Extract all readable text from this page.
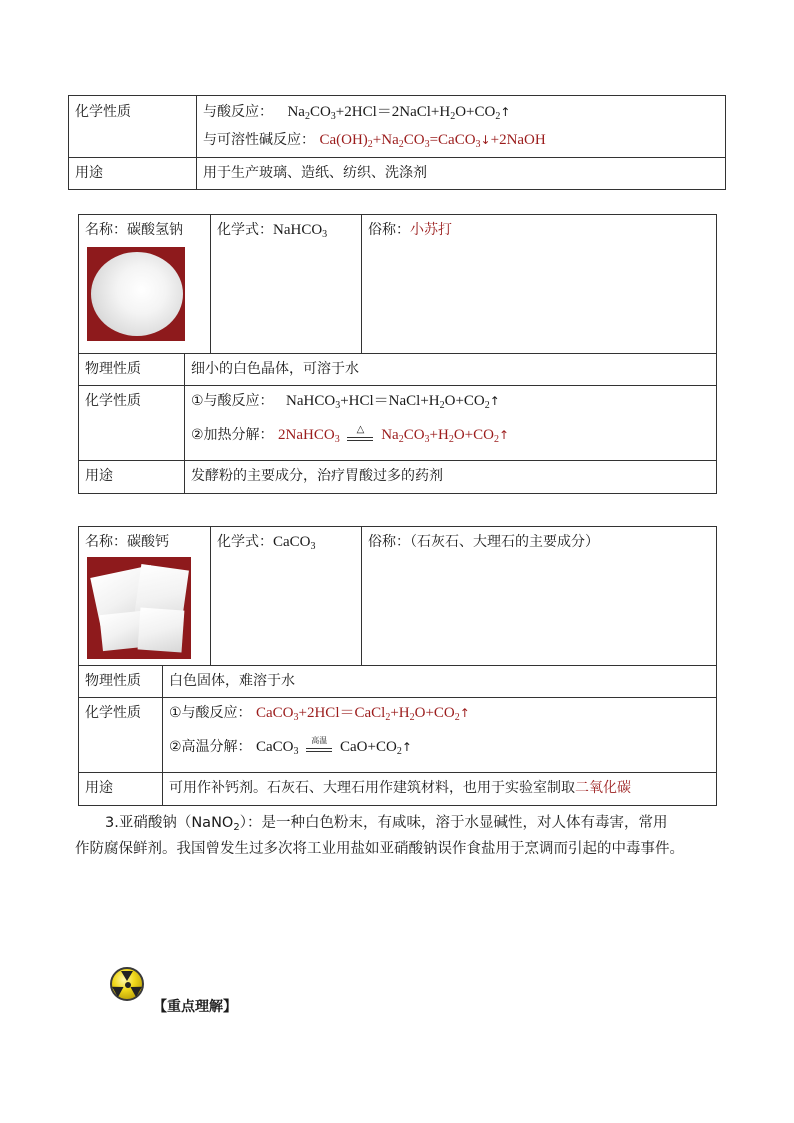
化学性质	与酸反应： $Na_2CO_3+2HCl=2NaCl+H_2O+CO_2↑$
与可溶性碱反应： $Ca(OH)_2+Na_2CO_3=CaCO_3↓+2NaOH$

用途	用于生产玻璃、造纸、纺织、洗涤剂
名称：碳酸氢钠		化学式：NaHCO$_3$	俗称：小苏打
物理性质	细小的白色晶体，可溶于水		
化学性质	①与酸反应： $NaHCO_3+HCl=NaCl+H_2O+CO_2↑$
②加热分解： 2NaHCO$_3$
△ $Na_2CO_3+H_2O+CO_2↑$		

用途	发酵粉的主要成分，治疗胃酸过多的药剂		
名称：碳酸钙		化学式：CaCO$_3$	俗称：（石灰石、大理石的主要成分）
物理性质	白色固体，难溶于水		
化学性质	①与酸反应： $CaCO_3+2HCl=CaCl_2+H_2O+CO_2↑$
②高温分解： CaCO$_3$
高温 $CaO+CO_2↑$		

用途	可用作补钙剂。石灰石、大理石用作建筑材料，也用于实验室制取二氧化碳		
3.亚硝酸钠（NaNO$_2$）：是一种白色粉末，有咸味，溶于水显碱性，对人体有毒害，常用
作防腐保鲜剂。我国曾发生过多次将工业用盐如亚硝酸钠误作食盐用于烹调而引起的中毒事件。
【重点理解】
